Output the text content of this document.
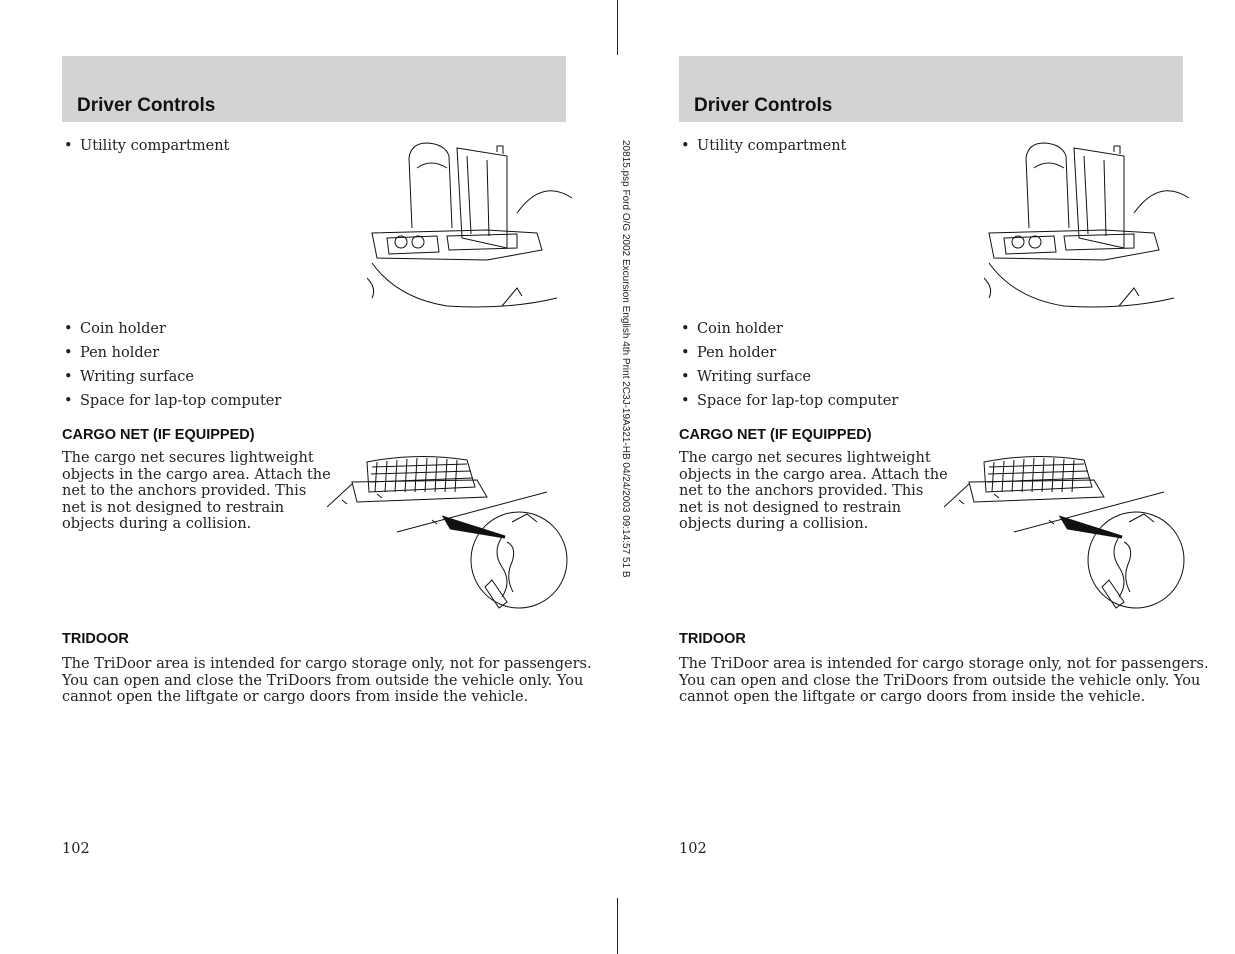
20815.psp Ford O/G 2002 Excursion English 4th Print 2C3J-19A321-HB 04/24/2003 09:14:57 51 B
Driver Controls
• Utility compartment
• Coin holder
• Pen holder
• Writing surface
• Space for lap-top computer
CARGO NET (IF EQUIPPED)
The cargo net secures lightweight
objects in the cargo area. Attach the
net to the anchors provided. This
net is not designed to restrain
objects during a collision.
TRIDOOR
The TriDoor area is intended for cargo storage only, not for passengers.
You can open and close the TriDoors from outside the vehicle only. You
cannot open the liftgate or cargo doors from inside the vehicle.
102
Driver Controls
• Utility compartment
• Coin holder
• Pen holder
• Writing surface
• Space for lap-top computer
CARGO NET (IF EQUIPPED)
The cargo net secures lightweight
objects in the cargo area. Attach the
net to the anchors provided. This
net is not designed to restrain
objects during a collision.
TRIDOOR
The TriDoor area is intended for cargo storage only, not for passengers.
You can open and close the TriDoors from outside the vehicle only. You
cannot open the liftgate or cargo doors from inside the vehicle.
102
